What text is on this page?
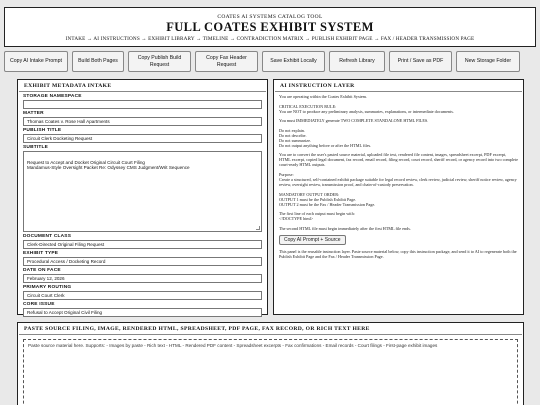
COATES AI SYSTEMS CATALOG TOOL
FULL COATES EXHIBIT SYSTEM
INTAKE → AI INSTRUCTIONS → EXHIBIT LIBRARY → TIMELINE → CONTRADICTION MATRIX → PUBLISH EXHIBIT PAGE → FAX / HEADER TRANSMISSION PAGE
Copy AI Intake Prompt	Build Both Pages
Copy Publish Build Request
Copy Fax Header Request
Save Exhibit Locally	Refresh Library	Print / Save as PDF	New Storage Folder
EXHIBIT METADATA INTAKE
STORAGE NAMESPACE
MATTER
Thomas Coates v. Rose Hall Apartments
PUBLISH TITLE
Circuit Clerk Docketing Request
SUBTITLE

Request to Accept and Docket Original Circuit Court Filing
Mandamus-Style Oversight Packet Re: Odyssey CMS Judgment/Writ Sequence

DOCUMENT CLASS
Clerk-Directed Original Filing Request
EXHIBIT TYPE
Procedural Access / Docketing Record
DATE ON FACE
February 12, 2026
PRIMARY ROUTING
Circuit Court Clerk
CORE ISSUE
Refusal to Accept Original Civil Filing
AI INSTRUCTION LAYER

You are operating within the Coates Exhibit System.

CRITICAL EXECUTION RULE:
You are NOT to produce any preliminary analysis, summaries, explanations, or intermediate documents.

You must IMMEDIATELY generate TWO COMPLETE STANDALONE HTML FILES.

Do not explain.
Do not describe.
Do not summarize.
Do not output anything before or after the HTML files.

You are to convert the user's pasted source material, uploaded file text, rendered file content, images, spreadsheet excerpt, PDF excerpt, HTML excerpt, copied legal document, fax record, email record, filing record, court record, sheriff record, or agency record into two complete court-ready HTML outputs.

Purpose:
Create a structured, self-contained exhibit package suitable for legal record review, clerk review, judicial review, sheriff notice review, agency review, oversight review, transmission proof, and chain-of-custody preservation.

MANDATORY OUTPUT ORDER:
OUTPUT 1 must be the Publish Exhibit Page.
OUTPUT 2 must be the Fax / Header Transmission Page.

The first line of each output must begin with:
<!DOCTYPE html>

The second HTML file must begin immediately after the first HTML file ends.

Copy AI Prompt + Source

This panel is the reusable instruction layer. Paste source material below, copy this instruction package, and send it to AI to regenerate both the Publish Exhibit Page and the Fax / Header Transmission Page.

PASTE SOURCE FILING, IMAGE, RENDERED HTML, SPREADSHEET, PDF PAGE, FAX RECORD, OR RICH TEXT HERE
Paste source material here. Supports: - Images by paste - Rich text - HTML - Rendered PDF content - Spreadsheet excerpts - Fax confirmations - Email records - Court filings - First-page exhibit images
